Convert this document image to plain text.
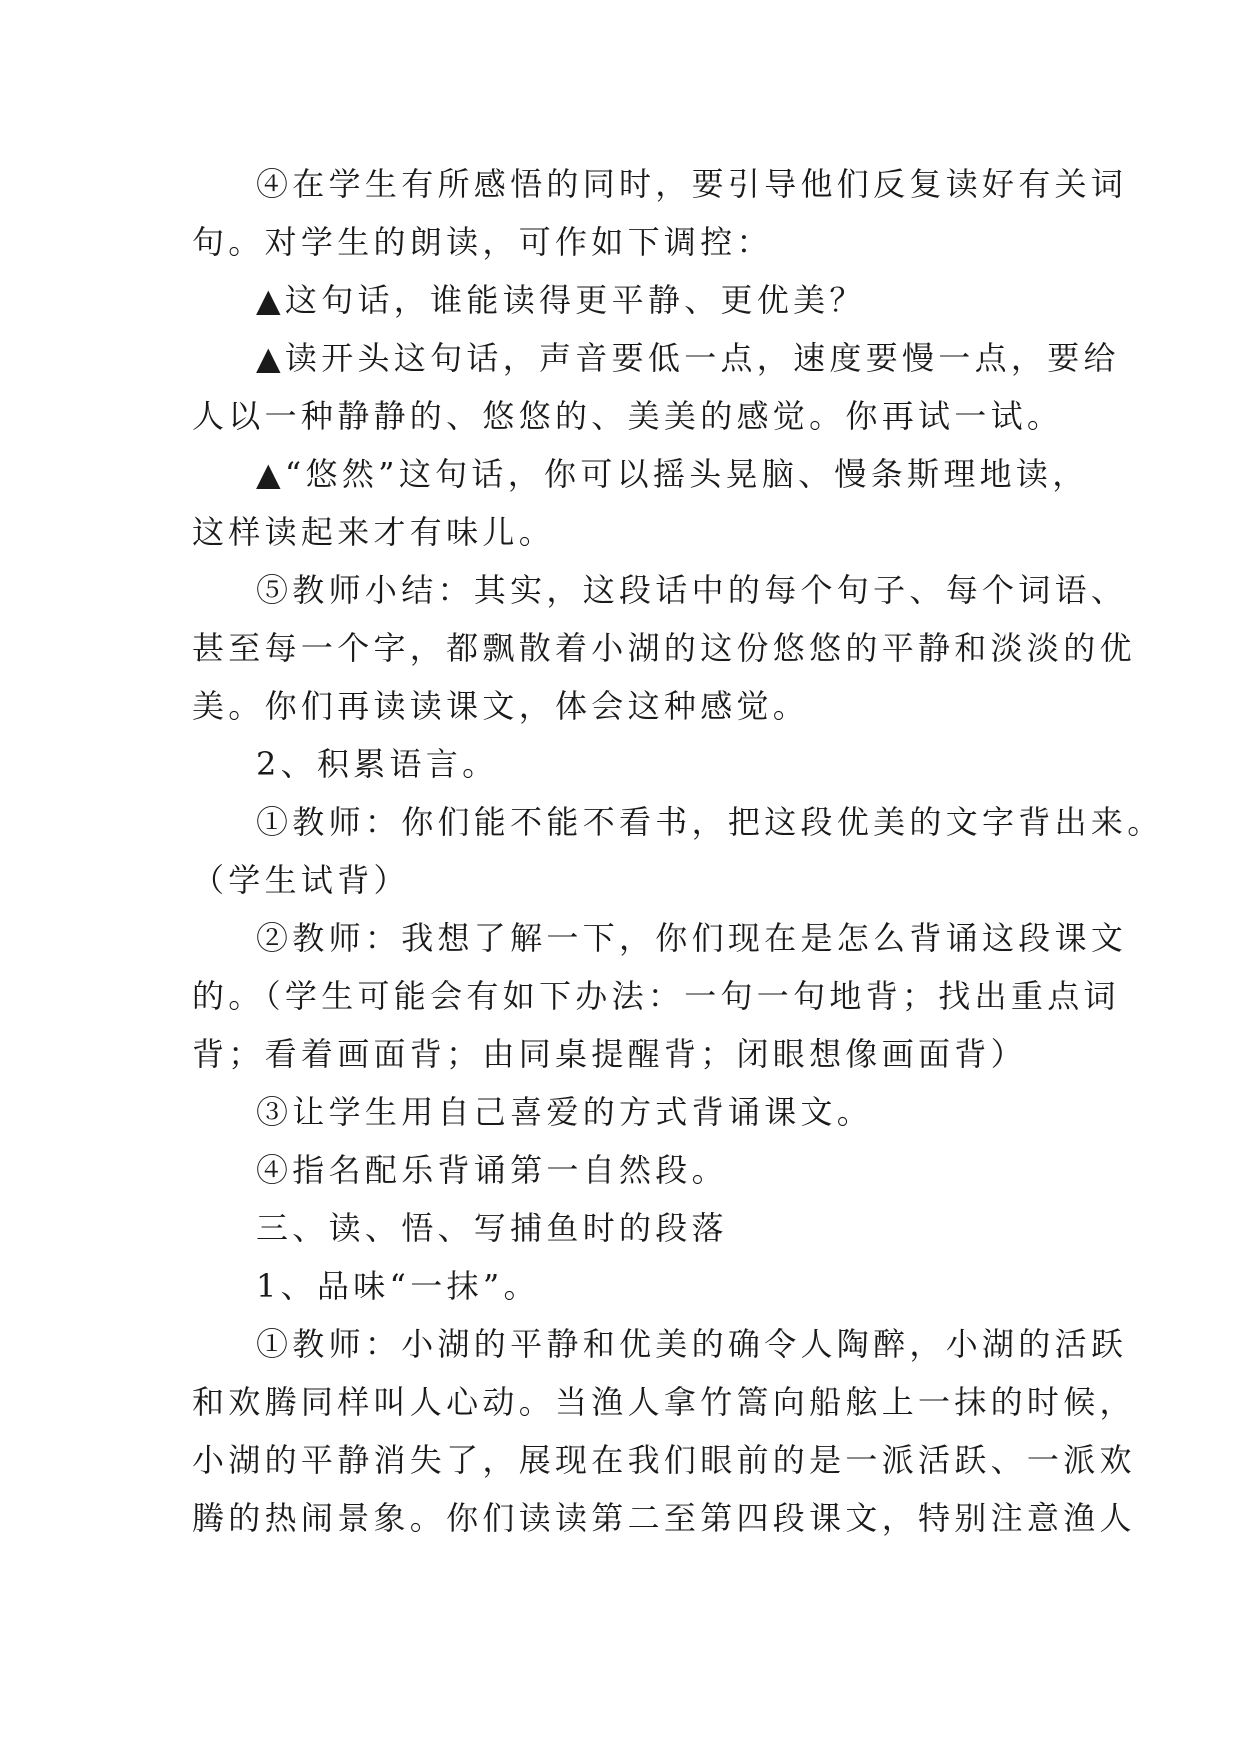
④在学生有所感悟的同时，要引导他们反复读好有关词
句。对学生的朗读，可作如下调控：

▲这句话，谁能读得更平静、更优美？

▲读开头这句话，声音要低一点，速度要慢一点，要给
人以一种静静的、悠悠的、美美的感觉。你再试一试。

▲“悠然”这句话，你可以摇头晃脑、慢条斯理地读，
这样读起来才有味儿。

⑤教师小结：其实，这段话中的每个句子、每个词语、
甚至每一个字，都飘散着小湖的这份悠悠的平静和淡淡的优
美。你们再读读课文，体会这种感觉。

2、积累语言。

①教师：你们能不能不看书，把这段优美的文字背出来。
（学生试背）

②教师：我想了解一下，你们现在是怎么背诵这段课文
的。（学生可能会有如下办法：一句一句地背；找出重点词
背；看着画面背；由同桌提醒背；闭眼想像画面背）

③让学生用自己喜爱的方式背诵课文。

④指名配乐背诵第一自然段。

三、读、悟、写捕鱼时的段落

1、品味“一抹”。

①教师：小湖的平静和优美的确令人陶醉，小湖的活跃
和欢腾同样叫人心动。当渔人拿竹篙向船舷上一抹的时候，
小湖的平静消失了，展现在我们眼前的是一派活跃、一派欢
腾的热闹景象。你们读读第二至第四段课文，特别注意渔人
